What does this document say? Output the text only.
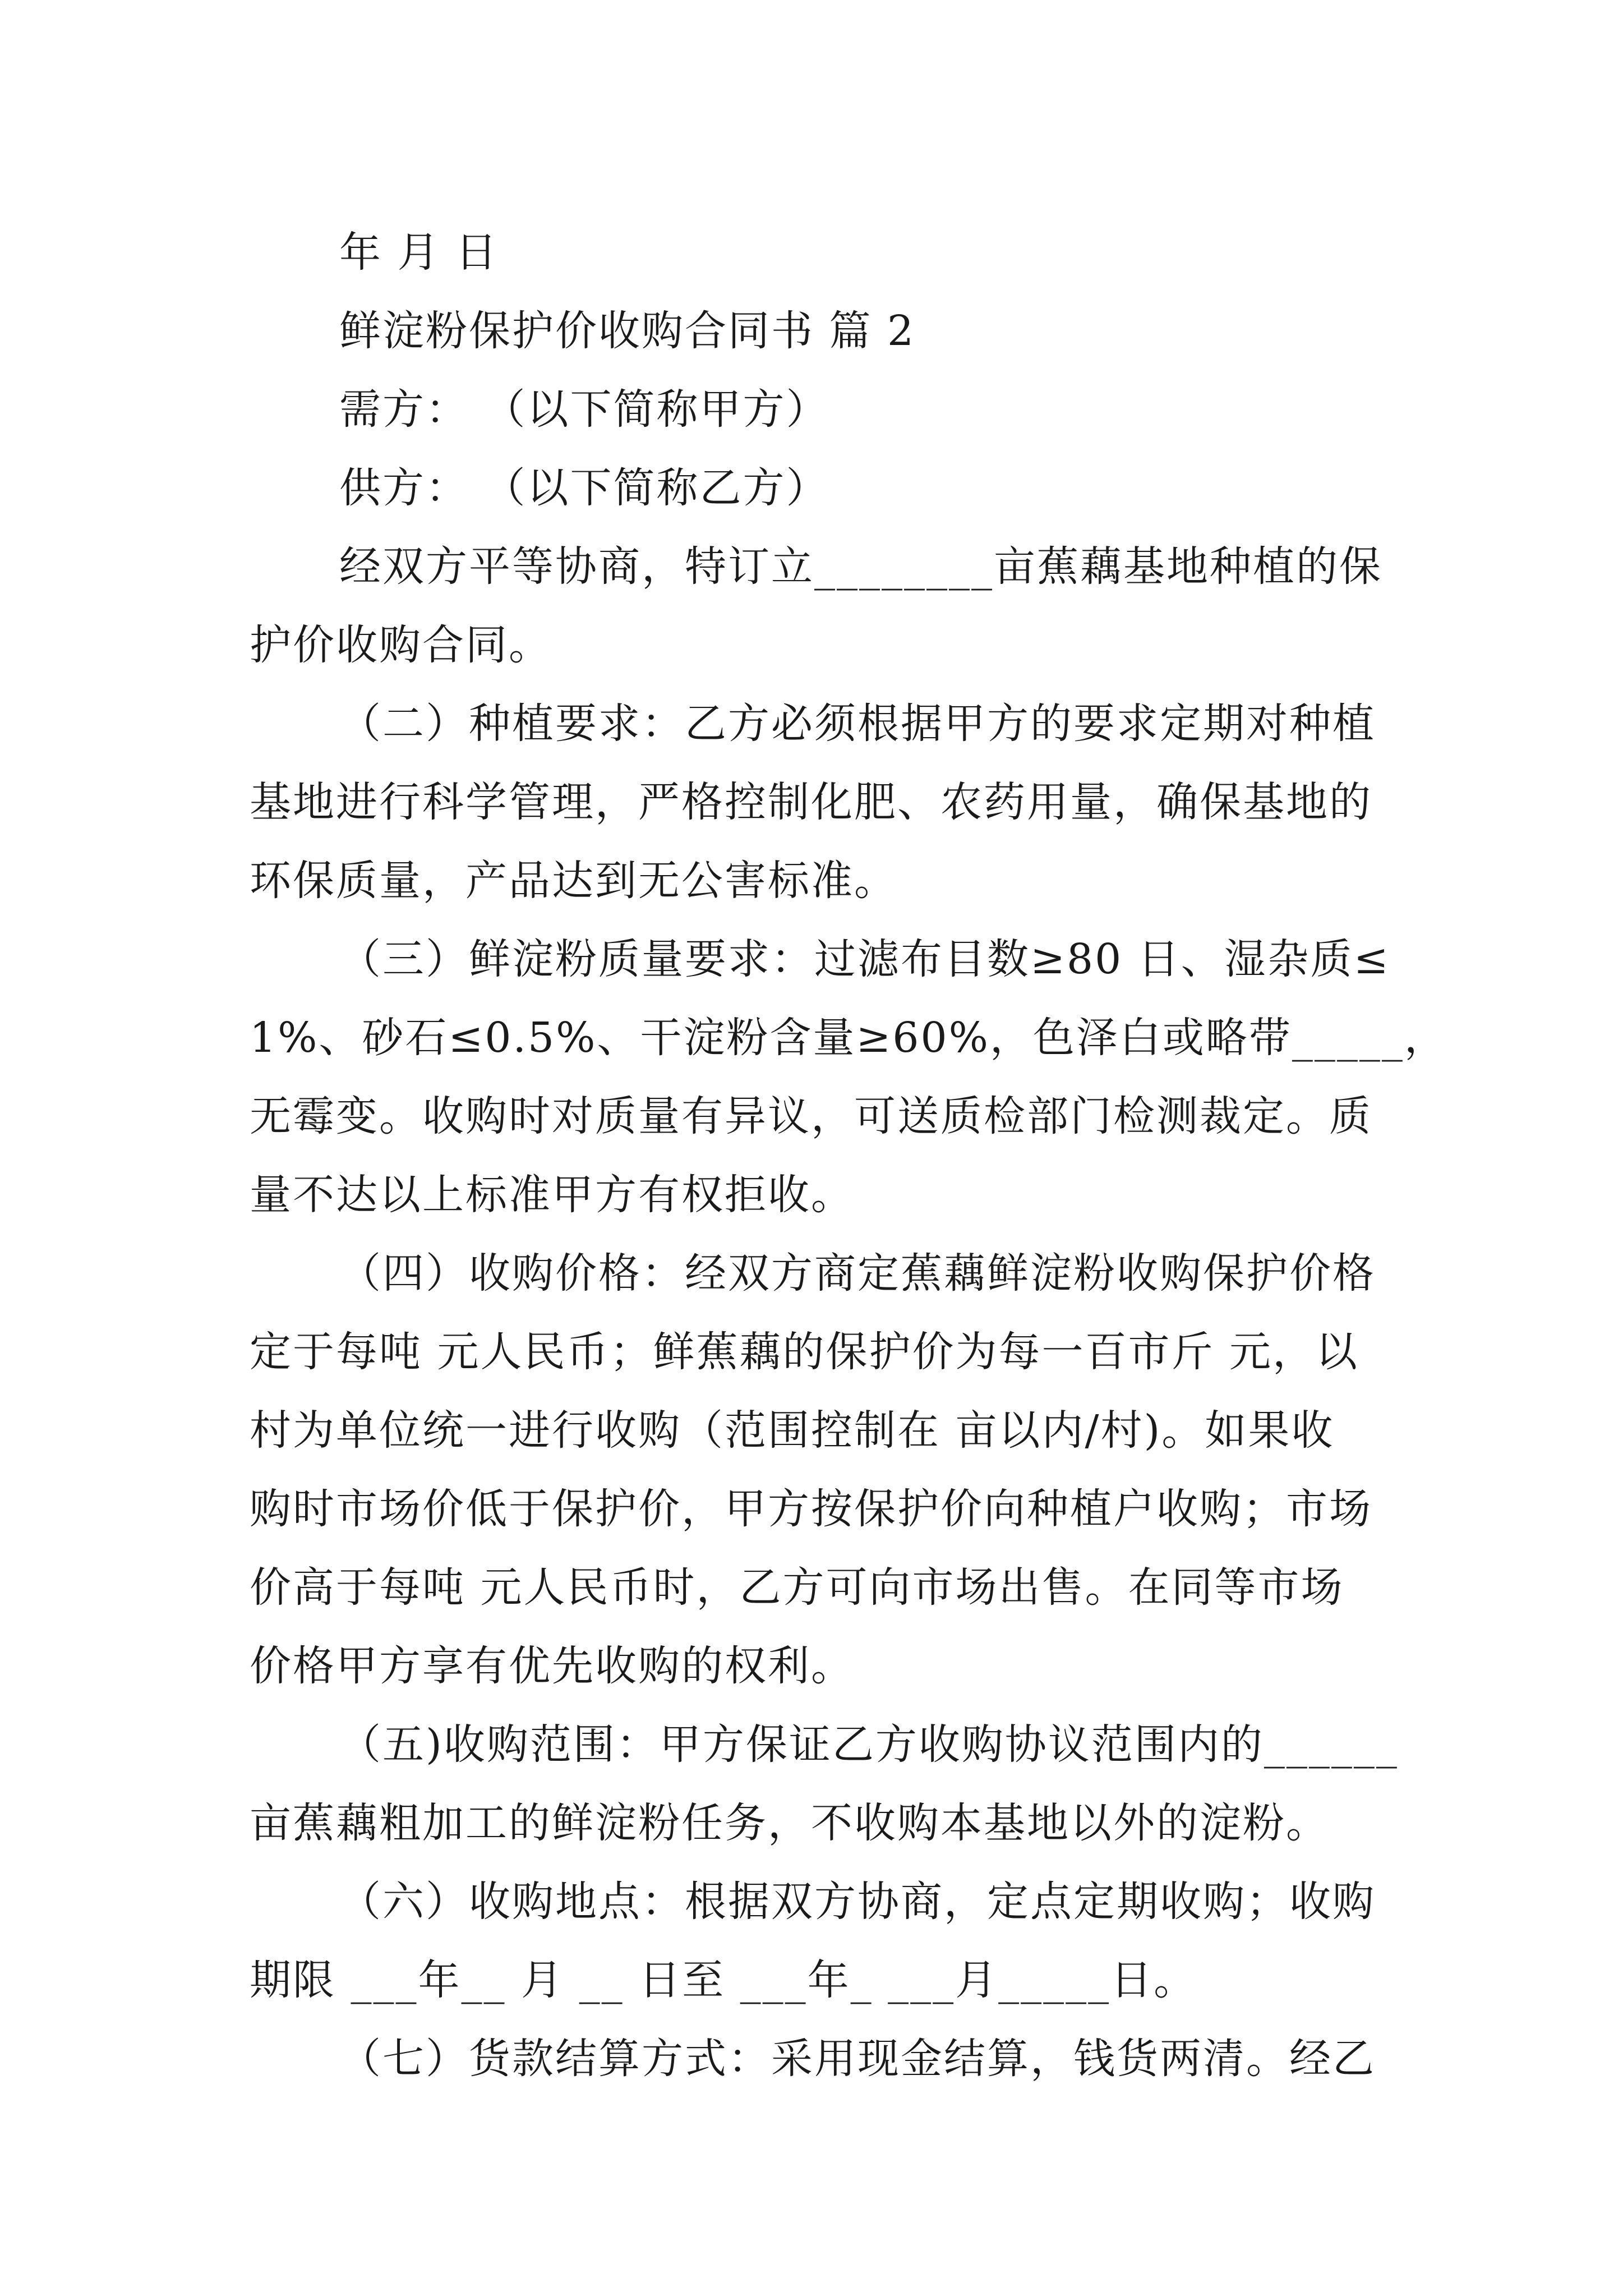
年 月 日

鲜淀粉保护价收购合同书 篇 2

需方： （以下简称甲方）

供方： （以下简称乙方）

经双方平等协商，特订立________亩蕉藕基地种植的保

护价收购合同。

（二）种植要求：乙方必须根据甲方的要求定期对种植

基地进行科学管理，严格控制化肥、农药用量，确保基地的

环保质量，产品达到无公害标准。

（三）鲜淀粉质量要求：过滤布目数≥80 日、湿杂质≤

1%、砂石≤0.5%、干淀粉含量≥60%，色泽白或略带_____，

无霉变。收购时对质量有异议，可送质检部门检测裁定。质

量不达以上标准甲方有权拒收。

（四）收购价格：经双方商定蕉藕鲜淀粉收购保护价格

定于每吨 元人民币；鲜蕉藕的保护价为每一百市斤 元，以

村为单位统一进行收购（范围控制在 亩以内/村)。如果收

购时市场价低于保护价，甲方按保护价向种植户收购；市场

价高于每吨 元人民币时，乙方可向市场出售。在同等市场

价格甲方享有优先收购的权利。

（五)收购范围：甲方保证乙方收购协议范围内的______

亩蕉藕粗加工的鲜淀粉任务，不收购本基地以外的淀粉。

（六）收购地点：根据双方协商，定点定期收购；收购

期限 ___年__ 月 __ 日至 ___年_ ___月_____日。

（七）货款结算方式：采用现金结算，钱货两清。经乙
